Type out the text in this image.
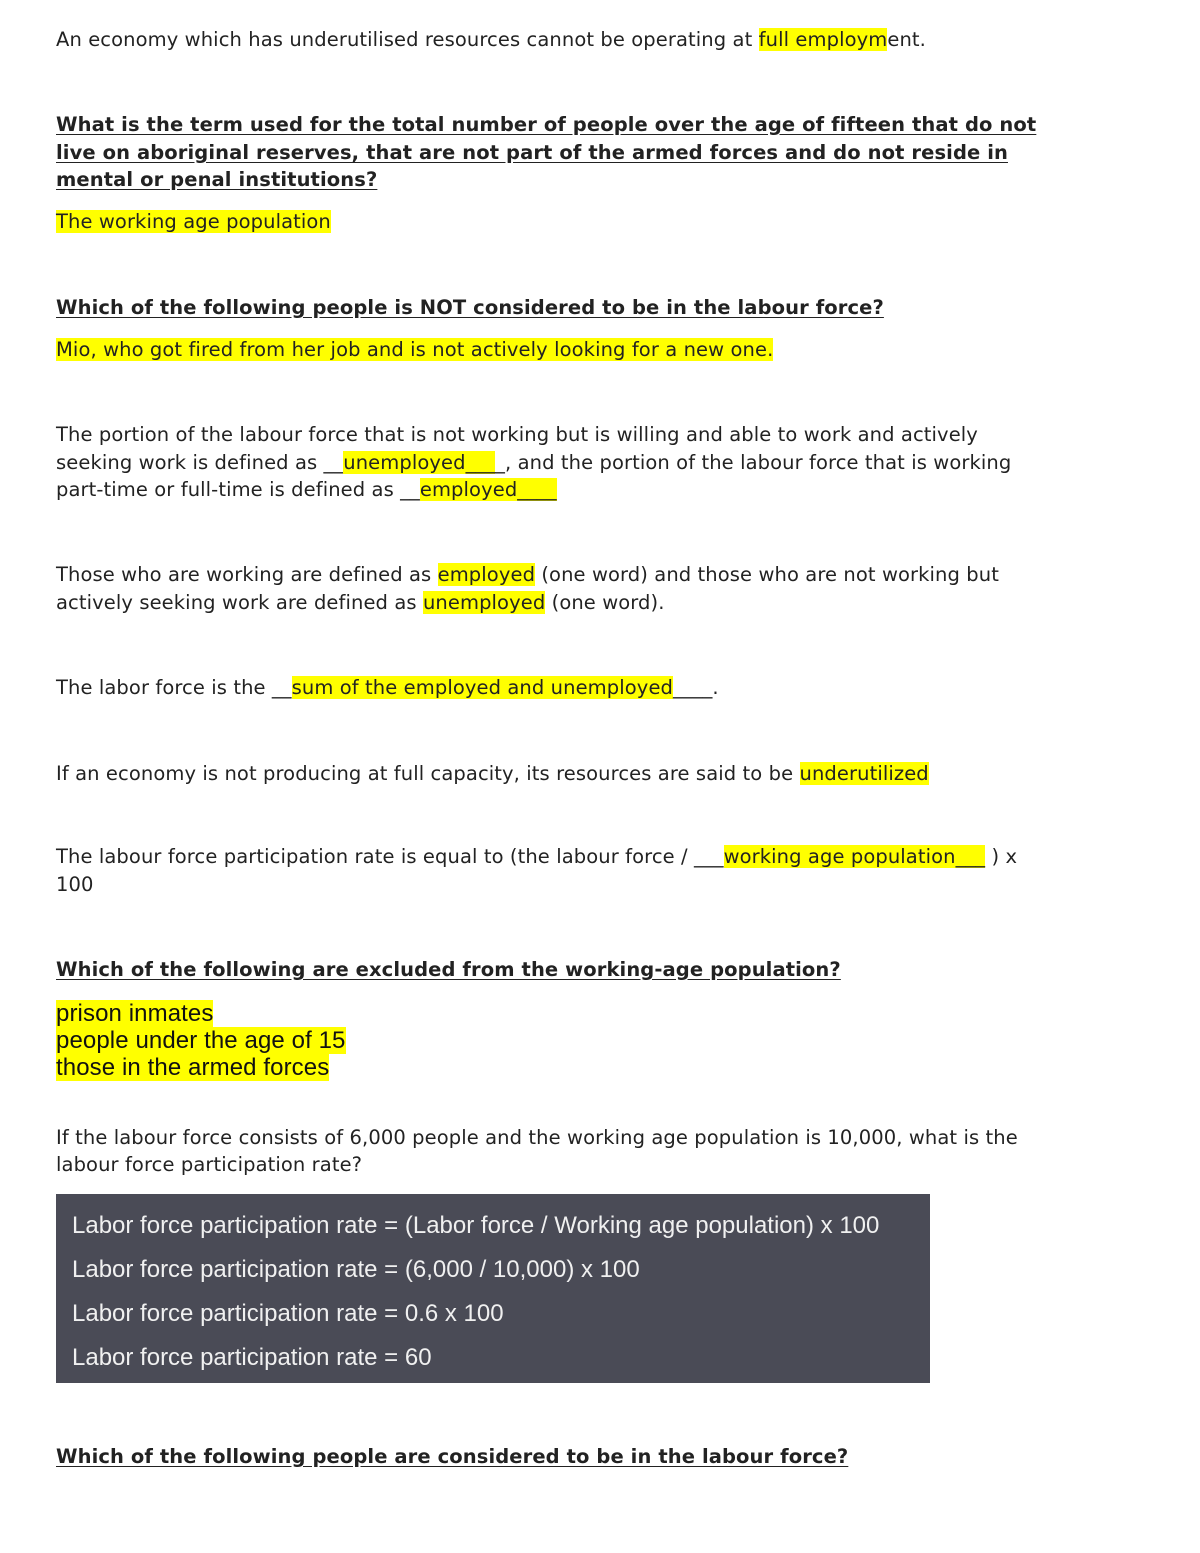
An economy which has underutilised resources cannot be operating at full employment.
What is the term used for the total number of people over the age of fifteen that do not
live on aboriginal reserves, that are not part of the armed forces and do not reside in
mental or penal institutions?
The working age population
Which of the following people is NOT considered to be in the labour force?
Mio, who got fired from her job and is not actively looking for a new one.
The portion of the labour force that is not working but is willing and able to work and actively
seeking work is defined as __unemployed____, and the portion of the labour force that is working
part-time or full-time is defined as __employed____
Those who are working are defined as employed (one word) and those who are not working but
actively seeking work are defined as unemployed (one word).
The labor force is the __sum of the employed and unemployed____.
If an economy is not producing at full capacity, its resources are said to be underutilized
The labour force participation rate is equal to (the labour force / ___working age population___ ) x
100
Which of the following are excluded from the working-age population?
prison inmates
people under the age of 15
those in the armed forces
If the labour force consists of 6,000 people and the working age population is 10,000, what is the
labour force participation rate?
Labor force participation rate = (Labor force / Working age population) x 100
Labor force participation rate = (6,000 / 10,000) x 100
Labor force participation rate = 0.6 x 100
Labor force participation rate = 60
Which of the following people are considered to be in the labour force?
